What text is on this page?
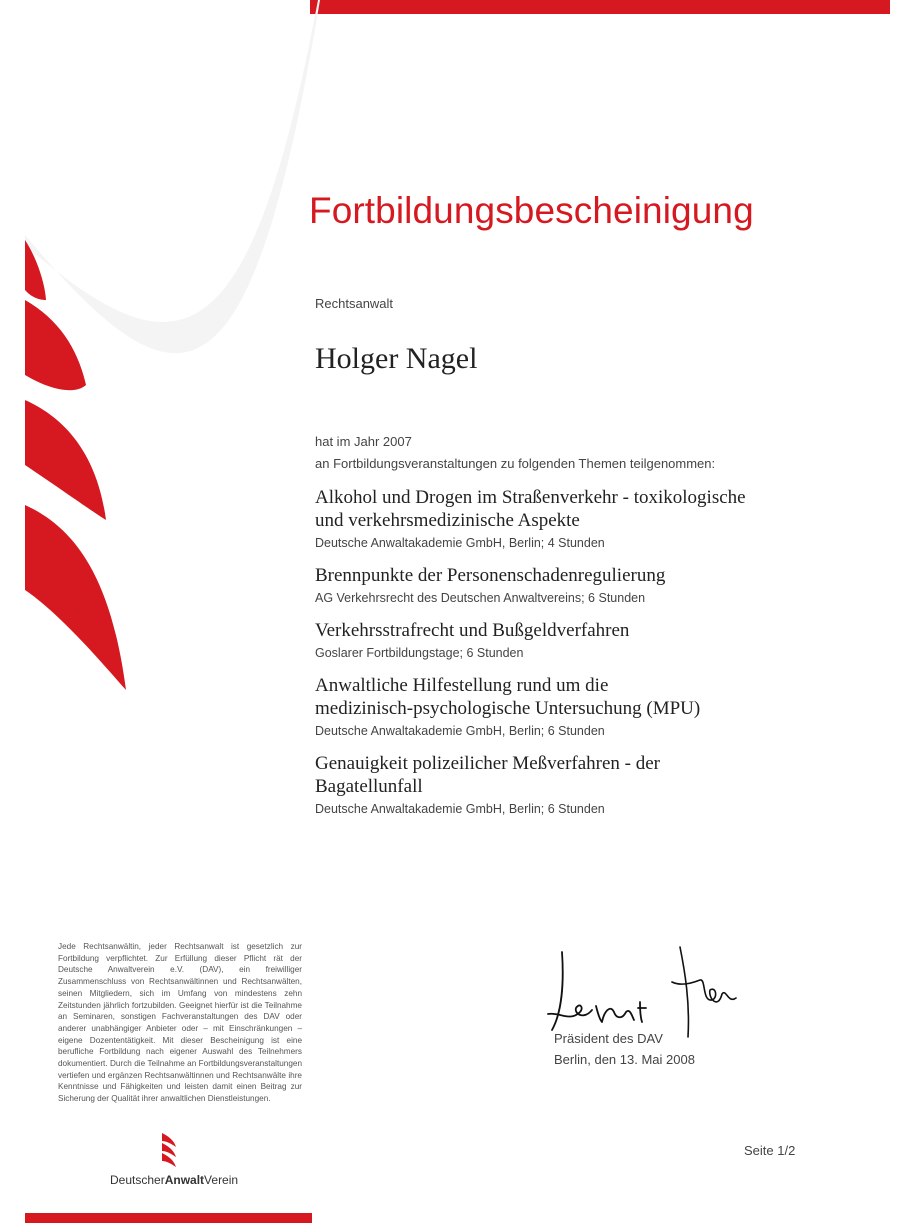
Fortbildungsbescheinigung
Rechtsanwalt
Holger Nagel
hat im Jahr 2007
an Fortbildungsveranstaltungen zu folgenden Themen teilgenommen:
Alkohol und Drogen im Straßenverkehr - toxikologische
und verkehrsmedizinische Aspekte
Deutsche Anwaltakademie GmbH, Berlin; 4 Stunden
Brennpunkte der Personenschadenregulierung
AG Verkehrsrecht des Deutschen Anwaltvereins; 6 Stunden
Verkehrsstrafrecht und Bußgeldverfahren
Goslarer Fortbildungstage; 6 Stunden
Anwaltliche Hilfestellung rund um die
medizinisch-psychologische Untersuchung (MPU)
Deutsche Anwaltakademie GmbH, Berlin; 6 Stunden
Genauigkeit polizeilicher Meßverfahren - der
Bagatellunfall
Deutsche Anwaltakademie GmbH, Berlin; 6 Stunden
Jede Rechtsanwältin, jeder Rechtsanwalt ist gesetzlich zur Fortbildung verpflichtet. Zur Erfüllung dieser Pflicht rät der Deutsche Anwaltverein e.V. (DAV), ein freiwilliger Zusammenschluss von Rechtsanwältinnen und Rechtsanwälten, seinen Mitgliedern, sich im Umfang von mindestens zehn Zeitstunden jährlich fortzubilden. Geeignet hierfür ist die Teilnahme an Seminaren, sonstigen Fachveranstaltungen des DAV oder anderer unabhängiger Anbieter oder – mit Einschränkungen – eigene Dozententätigkeit. Mit dieser Bescheinigung ist eine berufliche Fortbildung nach eigener Auswahl des Teilnehmers dokumentiert. Durch die Teilnahme an Fortbildungsveranstaltungen vertiefen und ergänzen Rechtsanwältinnen und Rechtsanwälte ihre Kenntnisse und Fähigkeiten und leisten damit einen Beitrag zur Sicherung der Qualität ihrer anwaltlichen Dienstleistungen.
Präsident des DAV
Berlin, den 13. Mai 2008
DeutscherAnwaltVerein
Seite 1/2
